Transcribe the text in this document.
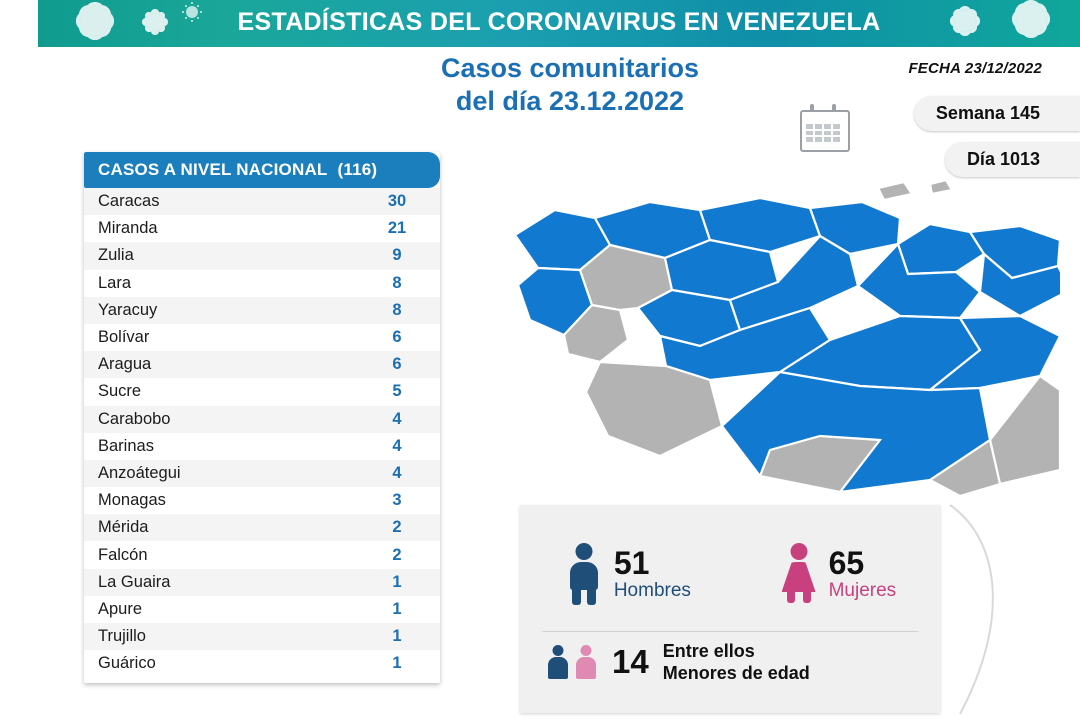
ESTADÍSTICAS DEL CORONAVIRUS EN VENEZUELA
Casos comunitarios
del día 23.12.2022
FECHA 23/12/2022
Semana 145
Día 1013
CASOS A NIVEL NACIONAL (116)
Caracas	30
Miranda	21
Zulia	9
Lara	8
Yaracuy	8
Bolívar	6
Aragua	6
Sucre	5
Carabobo	4
Barinas	4
Anzoátegui	4
Monagas	3
Mérida	2
Falcón	2
La Guaira	1
Apure	1
Trujillo	1
Guárico	1
51
Hombres
65
Mujeres
14 Entre ellos
Menores de edad
